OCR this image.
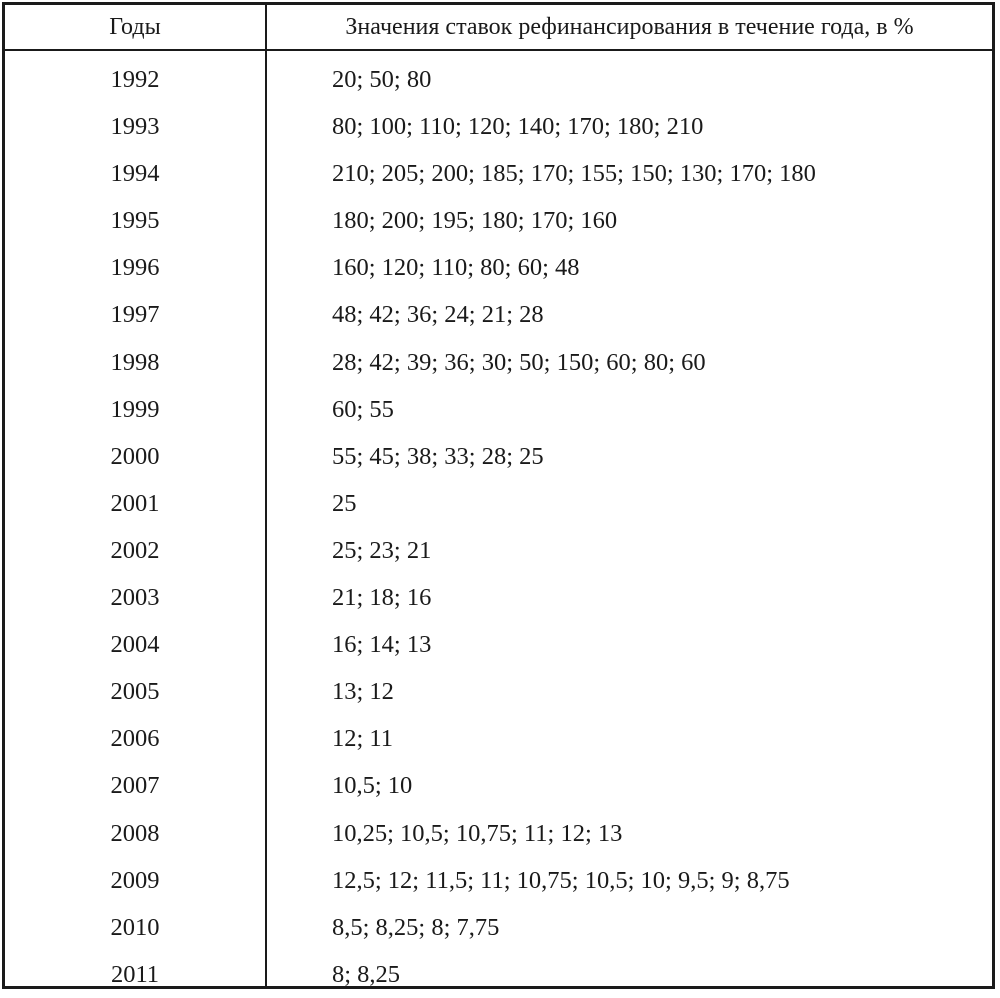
Годы	Значения ставок рефинансирования в течение года, в %
1992	20; 50; 80
1993	80; 100; 110; 120; 140; 170; 180; 210
1994	210; 205; 200; 185; 170; 155; 150; 130; 170; 180
1995	180; 200; 195; 180; 170; 160
1996	160; 120; 110; 80; 60; 48
1997	48; 42; 36; 24; 21; 28
1998	28; 42; 39; 36; 30; 50; 150; 60; 80; 60
1999	60; 55
2000	55; 45; 38; 33; 28; 25
2001	25
2002	25; 23; 21
2003	21; 18; 16
2004	16; 14; 13
2005	13; 12
2006	12; 11
2007	10,5; 10
2008	10,25; 10,5; 10,75; 11; 12; 13
2009	12,5; 12; 11,5; 11; 10,75; 10,5; 10; 9,5; 9; 8,75
2010	8,5; 8,25; 8; 7,75
2011	8; 8,25
